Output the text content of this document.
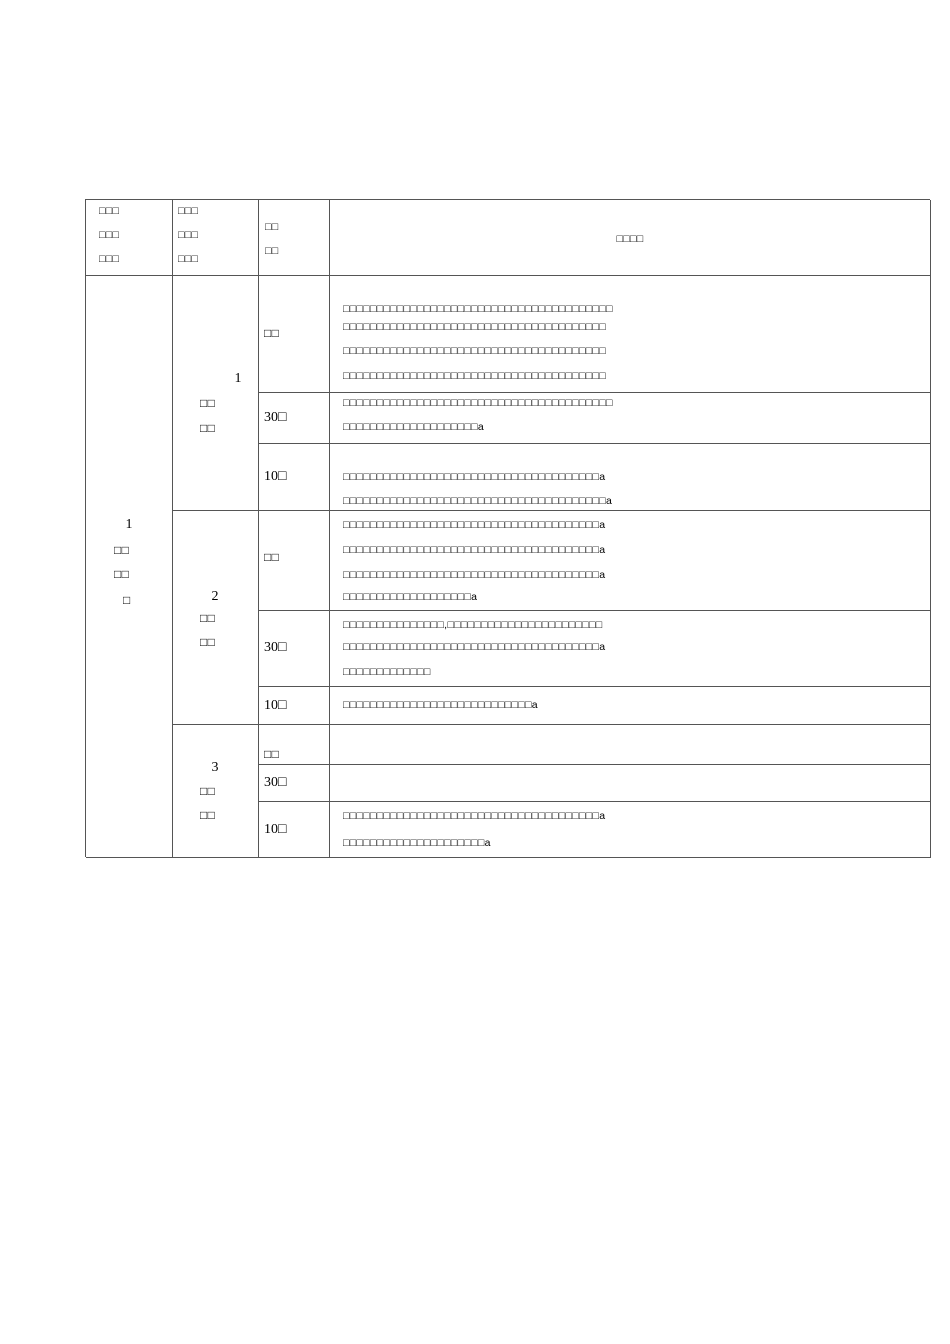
□□□
□□□
□□□
□□□
□□□
□□□
□□
□□
□□□□
1
□□
□□
□
1
□□
□□
□□
□□□□□□□□□□□□□□□□□□□□□□□□□□□□□□□□□□□□□□□□
□□□□□□□□□□□□□□□□□□□□□□□□□□□□□□□□□□□□□□□
□□□□□□□□□□□□□□□□□□□□□□□□□□□□□□□□□□□□□□□
□□□□□□□□□□□□□□□□□□□□□□□□□□□□□□□□□□□□□□□
30□
□□□□□□□□□□□□□□□□□□□□□□□□□□□□□□□□□□□□□□□□
□□□□□□□□□□□□□□□□□□□□a
10□	□□□□□□□□□□□□□□□□□□□□□□□□□□□□□□□□□□□□□□a
□□□□□□□□□□□□□□□□□□□□□□□□□□□□□□□□□□□□□□□a
2
□□
□□
□□
□□□□□□□□□□□□□□□□□□□□□□□□□□□□□□□□□□□□□□a
□□□□□□□□□□□□□□□□□□□□□□□□□□□□□□□□□□□□□□a
□□□□□□□□□□□□□□□□□□□□□□□□□□□□□□□□□□□□□□a
□□□□□□□□□□□□□□□□□□□a
30□
□□□□□□□□□□□□□□□,□□□□□□□□□□□□□□□□□□□□□□□
□□□□□□□□□□□□□□□□□□□□□□□□□□□□□□□□□□□□□□a
□□□□□□□□□□□□□
10□	□□□□□□□□□□□□□□□□□□□□□□□□□□□□a
3
□□
□□
□□
30□
10□
□□□□□□□□□□□□□□□□□□□□□□□□□□□□□□□□□□□□□□a
□□□□□□□□□□□□□□□□□□□□□a
